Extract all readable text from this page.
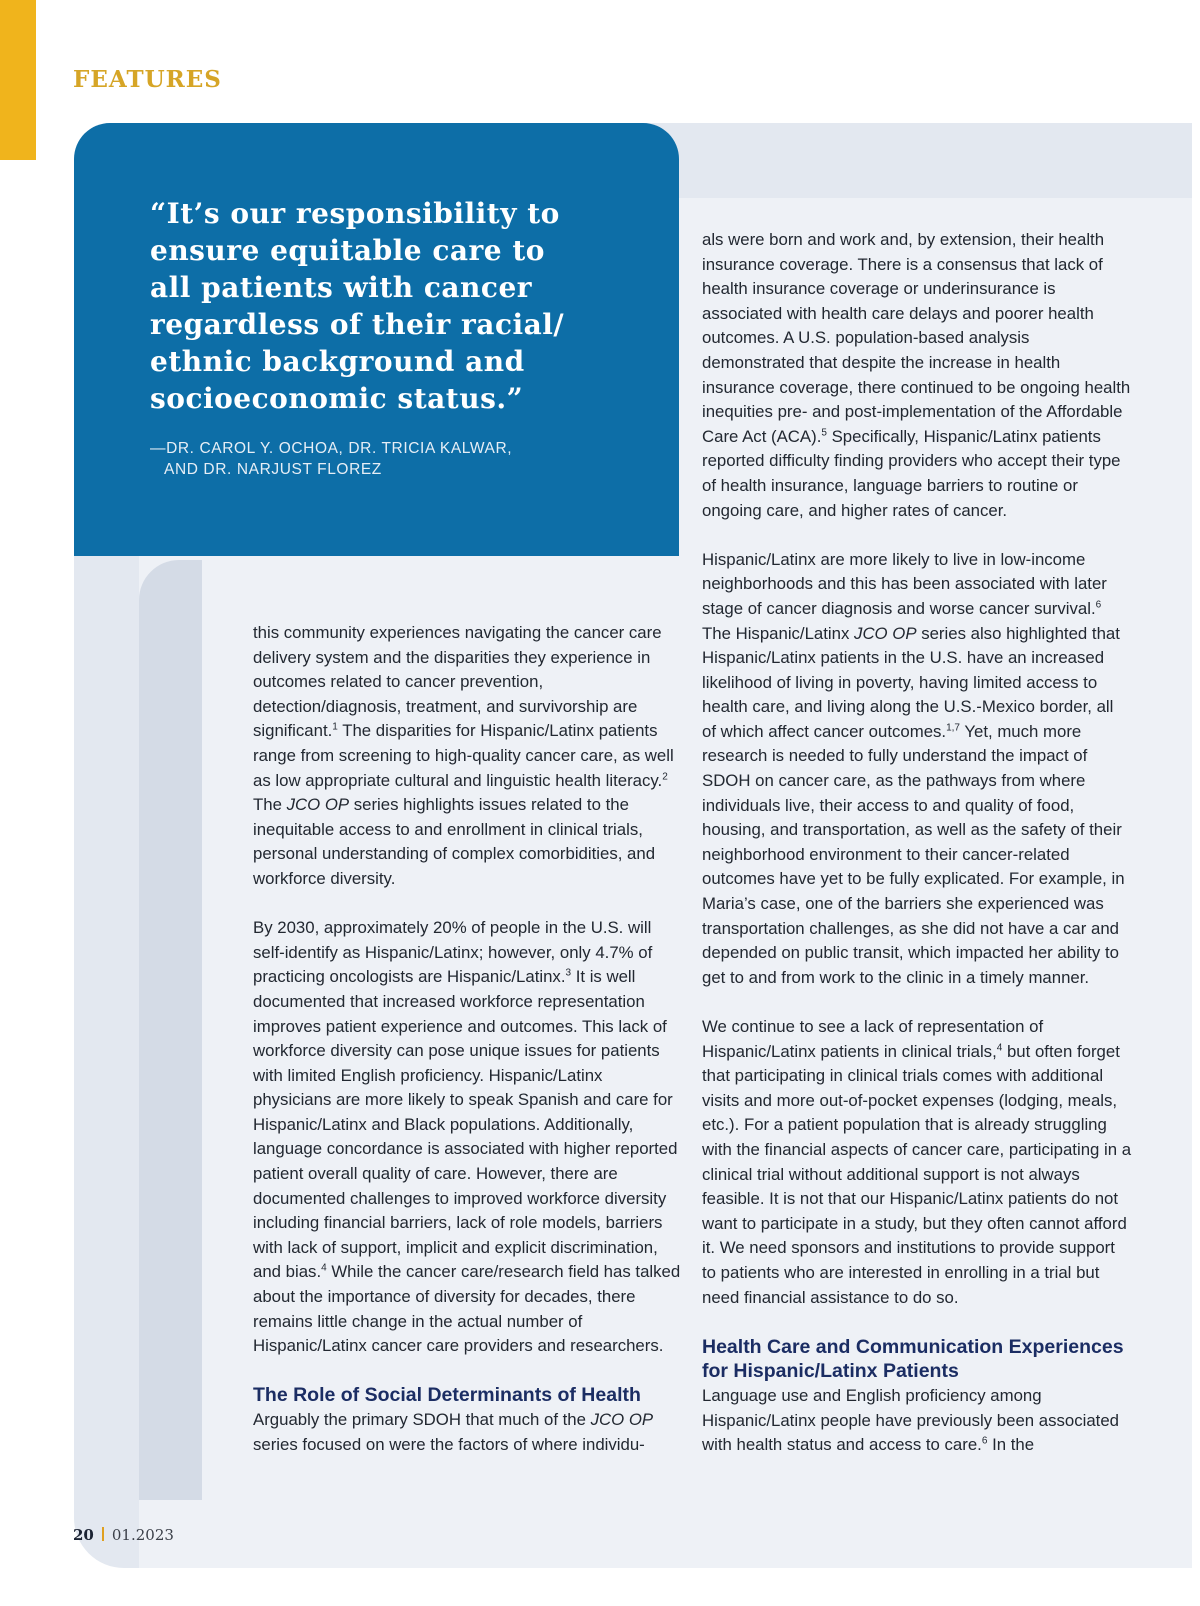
FEATURES

“It’s our responsibility to ensure equitable care to all patients with cancer regardless of their racial/ ethnic background and socioeconomic status.”

—DR. CAROL Y. OCHOA, DR. TRICIA KALWAR,
AND DR. NARJUST FLOREZ

this community experiences navigating the cancer care delivery system and the disparities they experience in outcomes related to cancer prevention, detection/diagnosis, treatment, and survivorship are significant.$^1$ The disparities for Hispanic/Latinx patients range from screening to high-quality cancer care, as well as low appropriate cultural and linguistic health literacy.$^2$ The JCO OP series highlights issues related to the inequitable access to and enrollment in clinical trials, personal understanding of complex comorbidities, and workforce diversity.

By 2030, approximately 20% of people in the U.S. will self-identify as Hispanic/Latinx; however, only 4.7% of practicing oncologists are Hispanic/Latinx.$^3$ It is well documented that increased workforce representation improves patient experience and outcomes. This lack of workforce diversity can pose unique issues for patients with limited English proficiency. Hispanic/Latinx physicians are more likely to speak Spanish and care for Hispanic/Latinx and Black populations. Additionally, language concordance is associated with higher reported patient overall quality of care. However, there are documented challenges to improved workforce diversity including financial barriers, lack of role models, barriers with lack of support, implicit and explicit discrimination, and bias.$^4$ While the cancer care/research field has talked about the importance of diversity for decades, there remains little change in the actual number of Hispanic/Latinx cancer care providers and researchers.

The Role of Social Determinants of Health

Arguably the primary SDOH that much of the JCO OP series focused on were the factors of where individu-

als were born and work and, by extension, their health insurance coverage. There is a consensus that lack of health insurance coverage or underinsurance is associated with health care delays and poorer health outcomes. A U.S. population-based analysis demonstrated that despite the increase in health insurance coverage, there continued to be ongoing health inequities pre- and post-implementation of the Affordable Care Act (ACA).$^5$ Specifically, Hispanic/Latinx patients reported difficulty finding providers who accept their type of health insurance, language barriers to routine or ongoing care, and higher rates of cancer.

Hispanic/Latinx are more likely to live in low-income neighborhoods and this has been associated with later stage of cancer diagnosis and worse cancer survival.$^6$ The Hispanic/Latinx JCO OP series also highlighted that Hispanic/Latinx patients in the U.S. have an increased likelihood of living in poverty, having limited access to health care, and living along the U.S.-Mexico border, all of which affect cancer outcomes.$^{1,7}$ Yet, much more research is needed to fully understand the impact of SDOH on cancer care, as the pathways from where individuals live, their access to and quality of food, housing, and transportation, as well as the safety of their neighborhood environment to their cancer-related outcomes have yet to be fully explicated. For example, in Maria’s case, one of the barriers she experienced was transportation challenges, as she did not have a car and depended on public transit, which impacted her ability to get to and from work to the clinic in a timely manner.

We continue to see a lack of representation of Hispanic/Latinx patients in clinical trials,$^4$ but often forget that participating in clinical trials comes with additional visits and more out-of-pocket expenses (lodging, meals, etc.). For a patient population that is already struggling with the financial aspects of cancer care, participating in a clinical trial without additional support is not always feasible. It is not that our Hispanic/Latinx patients do not want to participate in a study, but they often cannot afford it. We need sponsors and institutions to provide support to patients who are interested in enrolling in a trial but need financial assistance to do so.

Health Care and Communication Experiences for Hispanic/Latinx Patients

Language use and English proficiency among Hispanic/Latinx people have previously been associated with health status and access to care.$^6$ In the

20 01.2023
